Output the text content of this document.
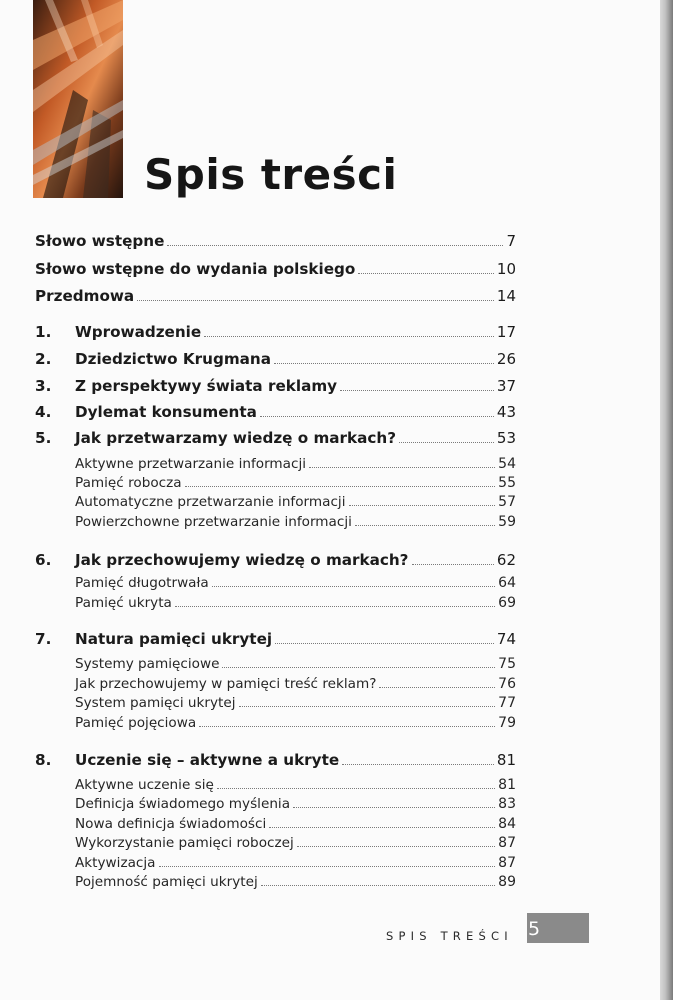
Spis treści
Słowo wstępne	7
Słowo wstępne do wydania polskiego	10
Przedmowa	14
1.	Wprowadzenie	17
2.	Dziedzictwo Krugmana	26
3.	Z perspektywy świata reklamy	37
4.	Dylemat konsumenta	43
5.	Jak przetwarzamy wiedzę o markach?	53
Aktywne przetwarzanie informacji	54
Pamięć robocza	55
Automatyczne przetwarzanie informacji	57
Powierzchowne przetwarzanie informacji	59
6.	Jak przechowujemy wiedzę o markach?	62
Pamięć długotrwała	64
Pamięć ukryta	69
7.	Natura pamięci ukrytej	74
Systemy pamięciowe	75
Jak przechowujemy w pamięci treść reklam?	76
System pamięci ukrytej	77
Pamięć pojęciowa	79
8.	Uczenie się – aktywne a ukryte	81
Aktywne uczenie się	81
Definicja świadomego myślenia	83
Nowa definicja świadomości	84
Wykorzystanie pamięci roboczej	87
Aktywizacja	87
Pojemność pamięci ukrytej	89
SPIS TREŚCI 5
